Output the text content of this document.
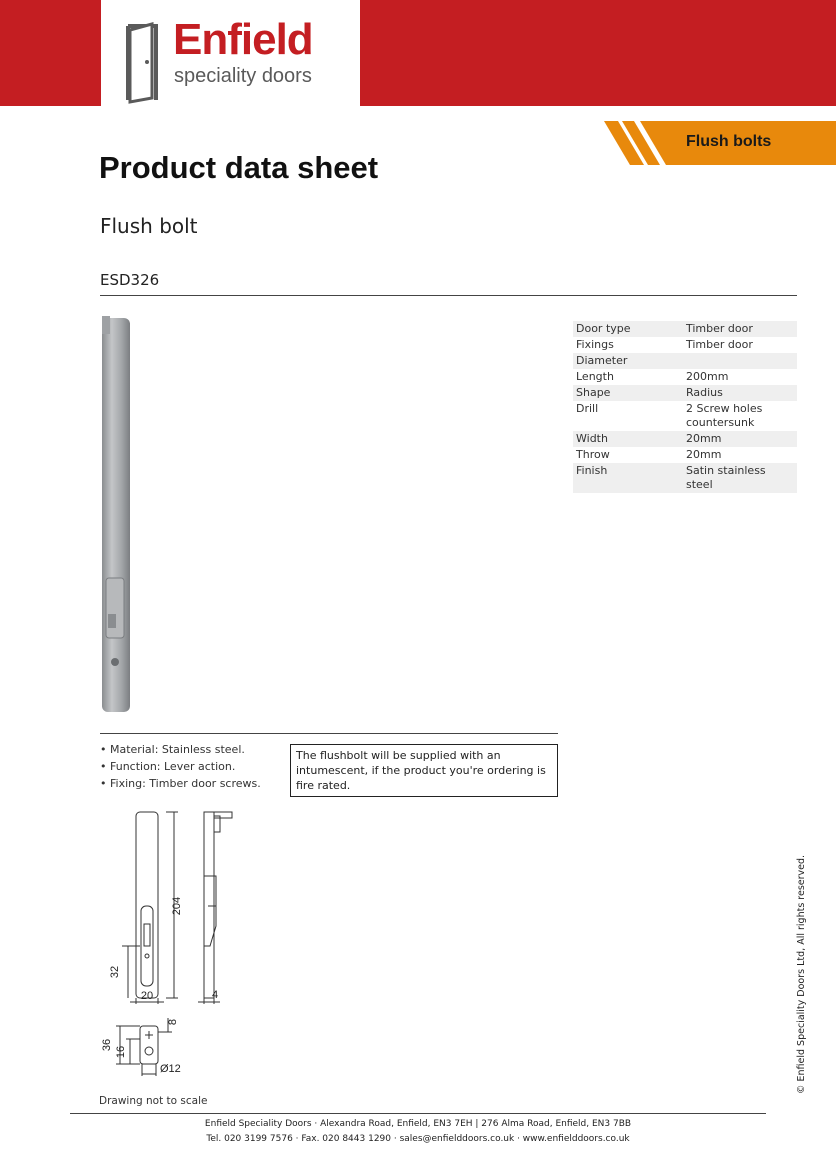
Enfield
speciality doors
Flush bolts
Product data sheet
Flush bolt
ESD326
Door type	Timber door
Fixings	Timber door
Diameter	
Length	200mm
Shape	Radius
Drill	2 Screw holes countersunk
Width	20mm
Throw	20mm
Finish	Satin stainless steel
• Material: Stainless steel.
• Function: Lever action.
• Fixing: Timber door screws.
The flushbolt will be supplied with an intumescent, if the product you're ordering is fire rated.
204
32
20
36
16
8
Ø12
4
Drawing not to scale
© Enfield Speciality Doors Ltd, All rights reserved.
Enfield Speciality Doors · Alexandra Road, Enfield, EN3 7EH | 276 Alma Road, Enfield, EN3 7BB
Tel. 020 3199 7576 · Fax. 020 8443 1290 · sales@enfielddoors.co.uk · www.enfielddoors.co.uk
